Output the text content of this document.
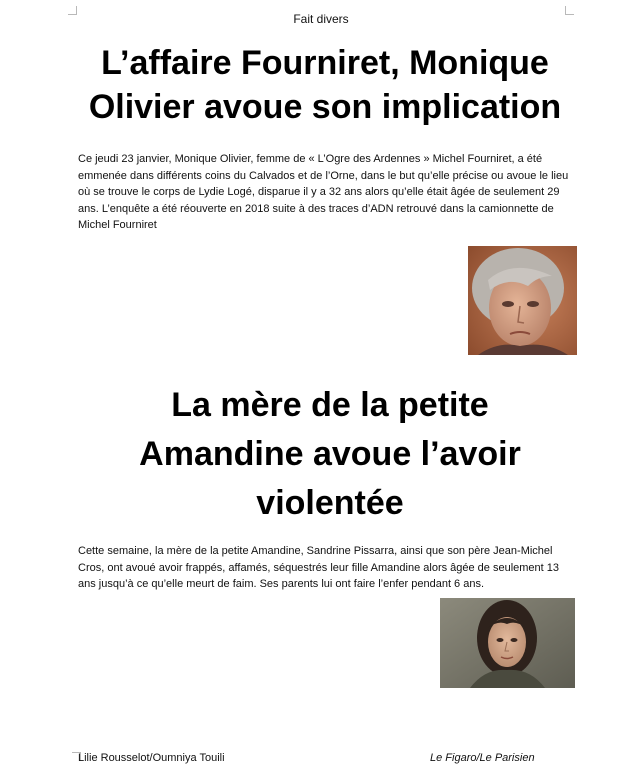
Fait divers
L’affaire Fourniret, Monique Olivier avoue son implication

Ce jeudi 23 janvier, Monique Olivier, femme de « L’Ogre des Ardennes » Michel Fourniret, a été emmenée dans différents coins du Calvados et de l’Orne, dans le but qu’elle précise ou avoue le lieu où se trouve le corps de Lydie Logé, disparue il y a 32 ans alors qu’elle était âgée de seulement 29 ans. L’enquête a été réouverte en 2018 suite à des traces d’ADN retrouvé dans la camionnette de Michel Fourniret

La mère de la petite Amandine avoue l’avoir violentée

Cette semaine, la mère de la petite Amandine, Sandrine Pissarra, ainsi que son père Jean-Michel Cros, ont avoué avoir frappés, affamés, séquestrés leur fille Amandine alors âgée de seulement 13 ans jusqu’à ce qu’elle meurt de faim. Ses parents lui ont faire l’enfer pendant 6 ans.

Lilie Rousselot/Oumniya Touili	Le Figaro/Le Parisien
